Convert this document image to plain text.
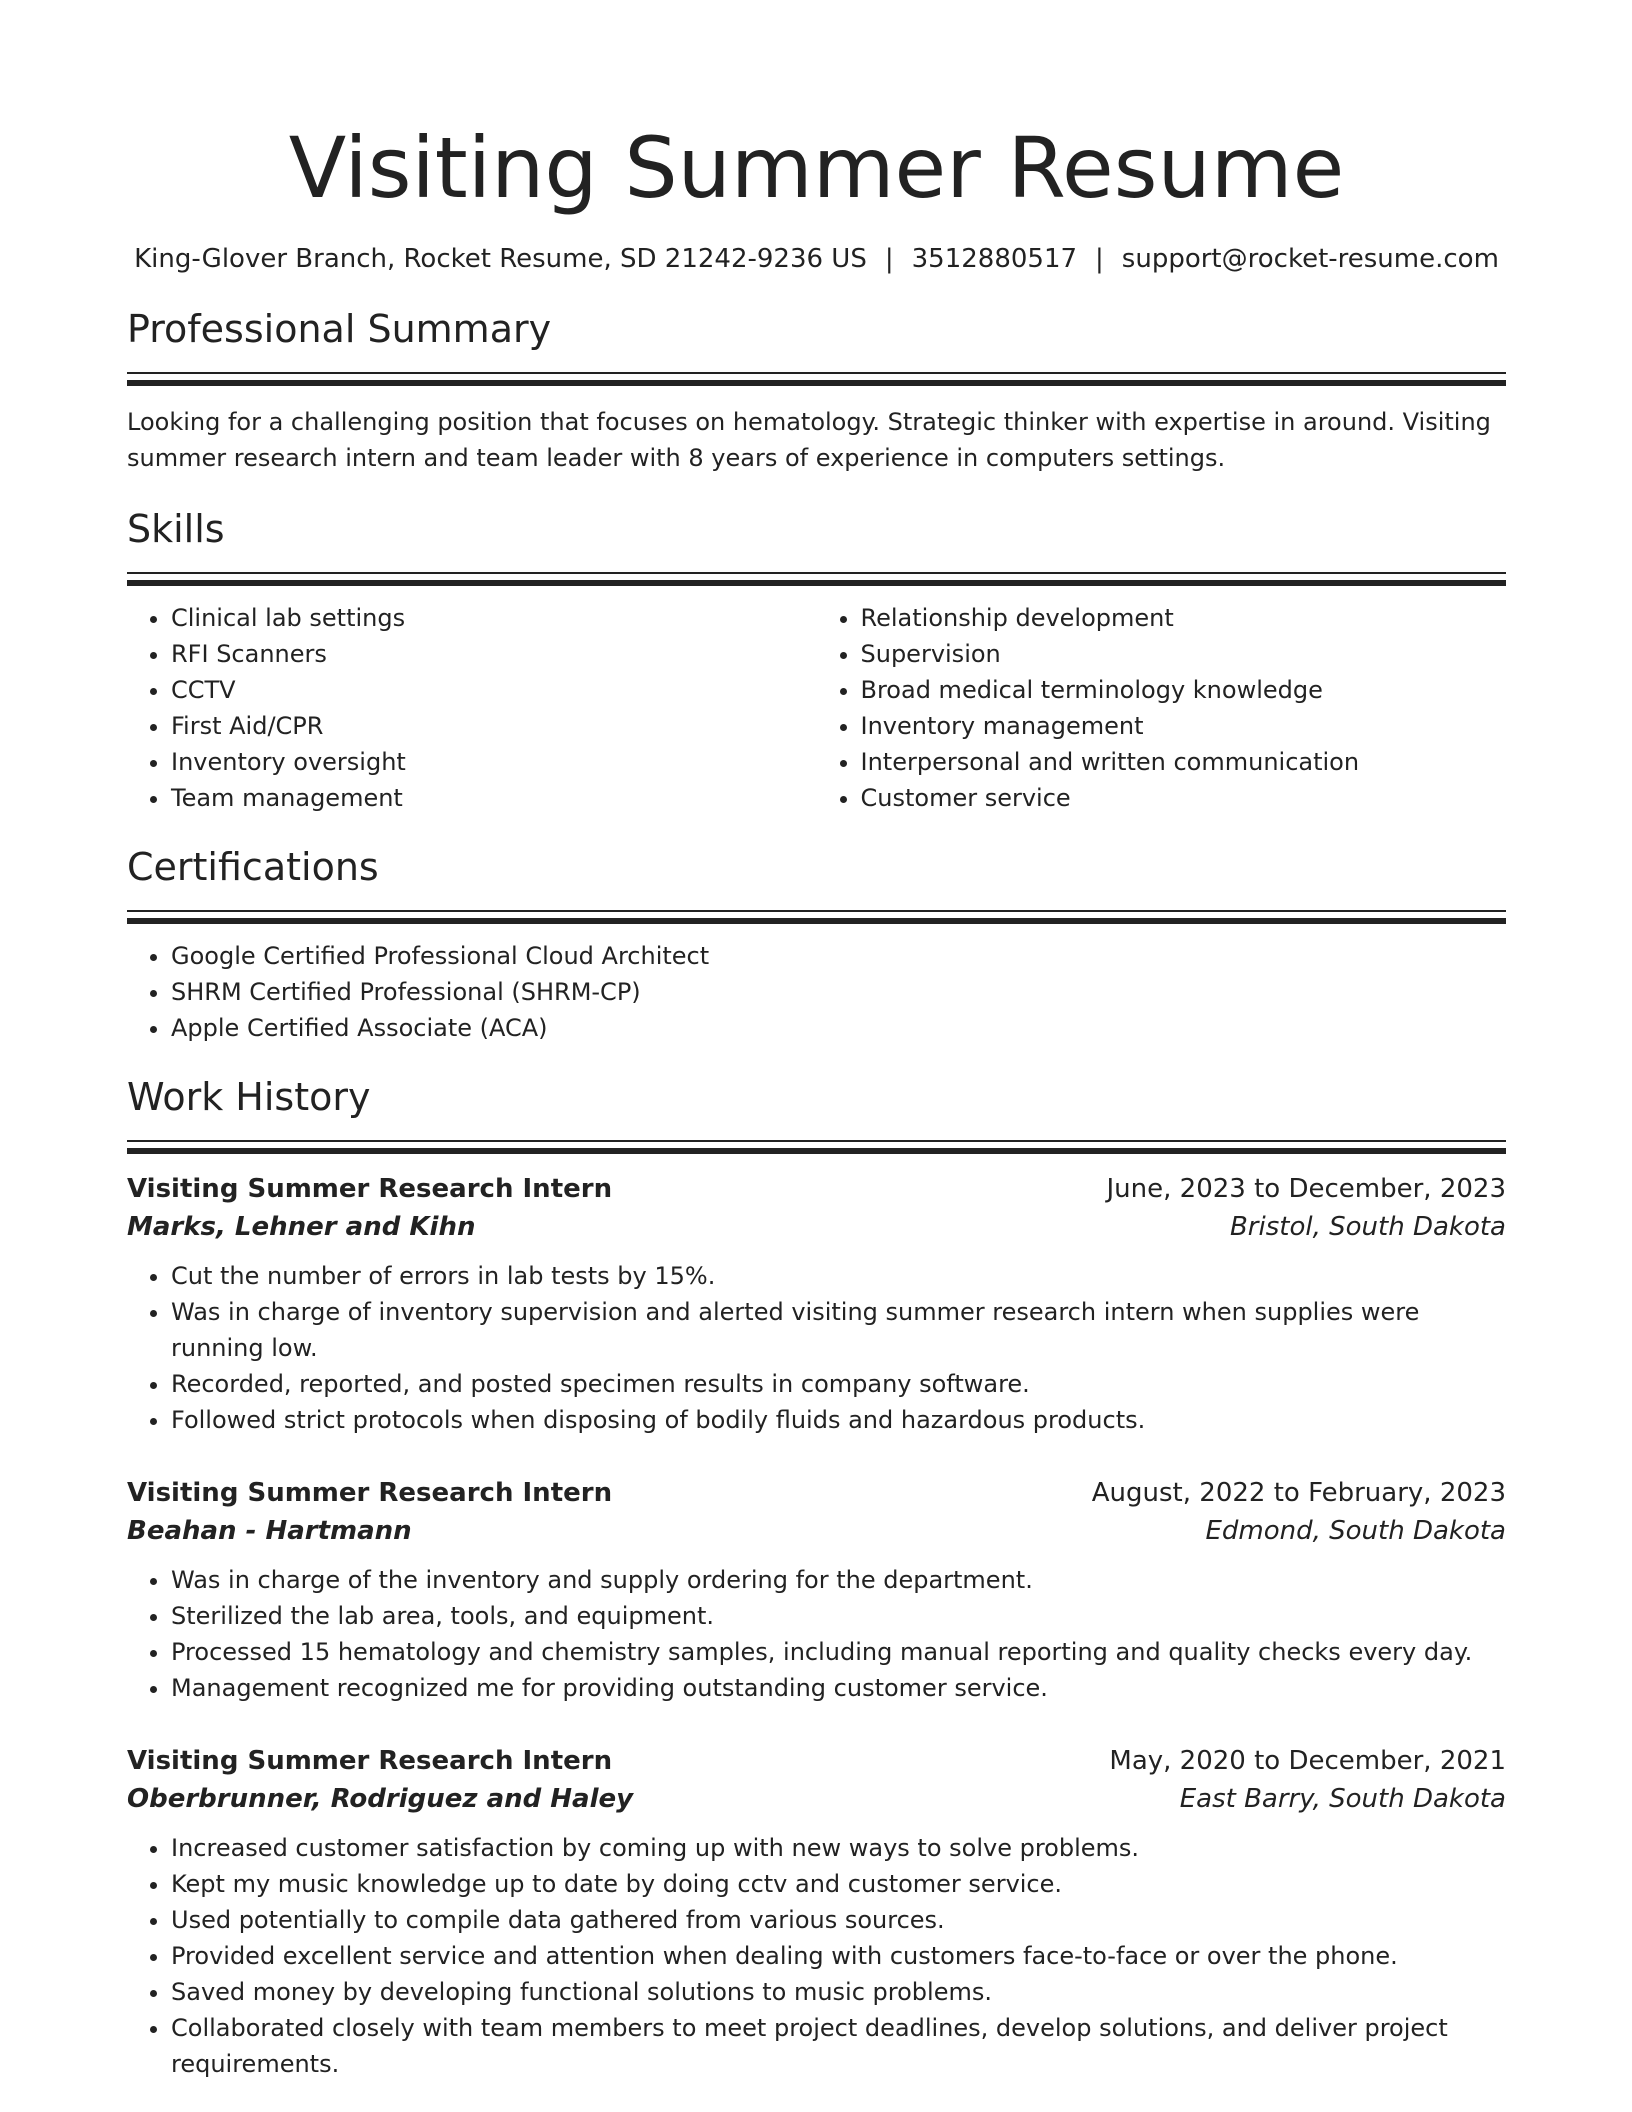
Visiting Summer Resume
King-Glover Branch, Rocket Resume, SD 21242-9236 US | 3512880517 | support@rocket-resume.com
Professional Summary

Looking for a challenging position that focuses on hematology. Strategic thinker with expertise in around. Visiting summer research intern and team leader with 8 years of experience in computers settings.

Skills
• Clinical lab settings
• RFI Scanners
• CCTV
• First Aid/CPR
• Inventory oversight
• Team management
• Relationship development
• Supervision
• Broad medical terminology knowledge
• Inventory management
• Interpersonal and written communication
• Customer service
Certifications
• Google Certified Professional Cloud Architect
• SHRM Certified Professional (SHRM-CP)
• Apple Certified Associate (ACA)
Work History
Visiting Summer Research Intern	June, 2023 to December, 2023
Marks, Lehner and Kihn	Bristol, South Dakota
• Cut the number of errors in lab tests by 15%.
• Was in charge of inventory supervision and alerted visiting summer research intern when supplies were running low.
• Recorded, reported, and posted specimen results in company software.
• Followed strict protocols when disposing of bodily fluids and hazardous products.
Visiting Summer Research Intern	August, 2022 to February, 2023
Beahan - Hartmann	Edmond, South Dakota
• Was in charge of the inventory and supply ordering for the department.
• Sterilized the lab area, tools, and equipment.
• Processed 15 hematology and chemistry samples, including manual reporting and quality checks every day.
• Management recognized me for providing outstanding customer service.
Visiting Summer Research Intern	May, 2020 to December, 2021
Oberbrunner, Rodriguez and Haley	East Barry, South Dakota
• Increased customer satisfaction by coming up with new ways to solve problems.
• Kept my music knowledge up to date by doing cctv and customer service.
• Used potentially to compile data gathered from various sources.
• Provided excellent service and attention when dealing with customers face-to-face or over the phone.
• Saved money by developing functional solutions to music problems.
• Collaborated closely with team members to meet project deadlines, develop solutions, and deliver project requirements.
